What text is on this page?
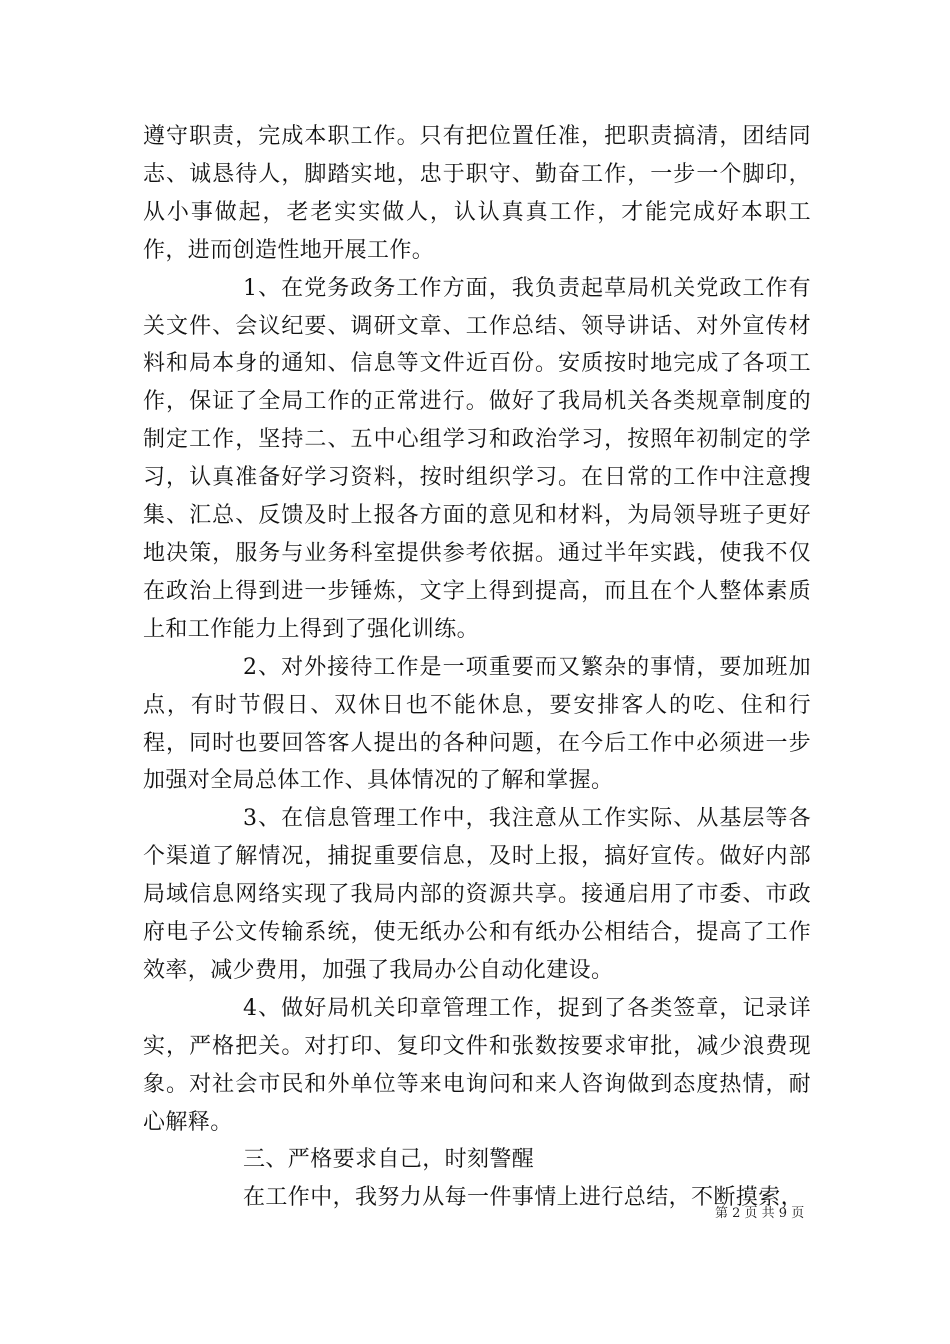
遵守职责，完成本职工作。只有把位置任准，把职责搞清，团结同志、诚恳待人，脚踏实地，忠于职守、勤奋工作，一步一个脚印，从小事做起，老老实实做人，认认真真工作，才能完成好本职工作，进而创造性地开展工作。

1、在党务政务工作方面，我负责起草局机关党政工作有关文件、会议纪要、调研文章、工作总结、领导讲话、对外宣传材料和局本身的通知、信息等文件近百份。安质按时地完成了各项工作，保证了全局工作的正常进行。做好了我局机关各类规章制度的制定工作，坚持二、五中心组学习和政治学习，按照年初制定的学习，认真准备好学习资料，按时组织学习。在日常的工作中注意搜集、汇总、反馈及时上报各方面的意见和材料，为局领导班子更好地决策，服务与业务科室提供参考依据。通过半年实践，使我不仅在政治上得到进一步锤炼，文字上得到提高，而且在个人整体素质上和工作能力上得到了强化训练。

2、对外接待工作是一项重要而又繁杂的事情，要加班加点，有时节假日、双休日也不能休息，要安排客人的吃、住和行程，同时也要回答客人提出的各种问题，在今后工作中必须进一步加强对全局总体工作、具体情况的了解和掌握。

3、在信息管理工作中，我注意从工作实际、从基层等各个渠道了解情况，捕捉重要信息，及时上报，搞好宣传。做好内部局域信息网络实现了我局内部的资源共享。接通启用了市委、市政府电子公文传输系统，使无纸办公和有纸办公相结合，提高了工作效率，减少费用，加强了我局办公自动化建设。

4、做好局机关印章管理工作，捉到了各类签章，记录详实，严格把关。对打印、复印文件和张数按要求审批，减少浪费现象。对社会市民和外单位等来电询问和来人咨询做到态度热情，耐心解释。

三、严格要求自己，时刻警醒

在工作中，我努力从每一件事情上进行总结，不断摸索，

第 2 页 共 9 页
